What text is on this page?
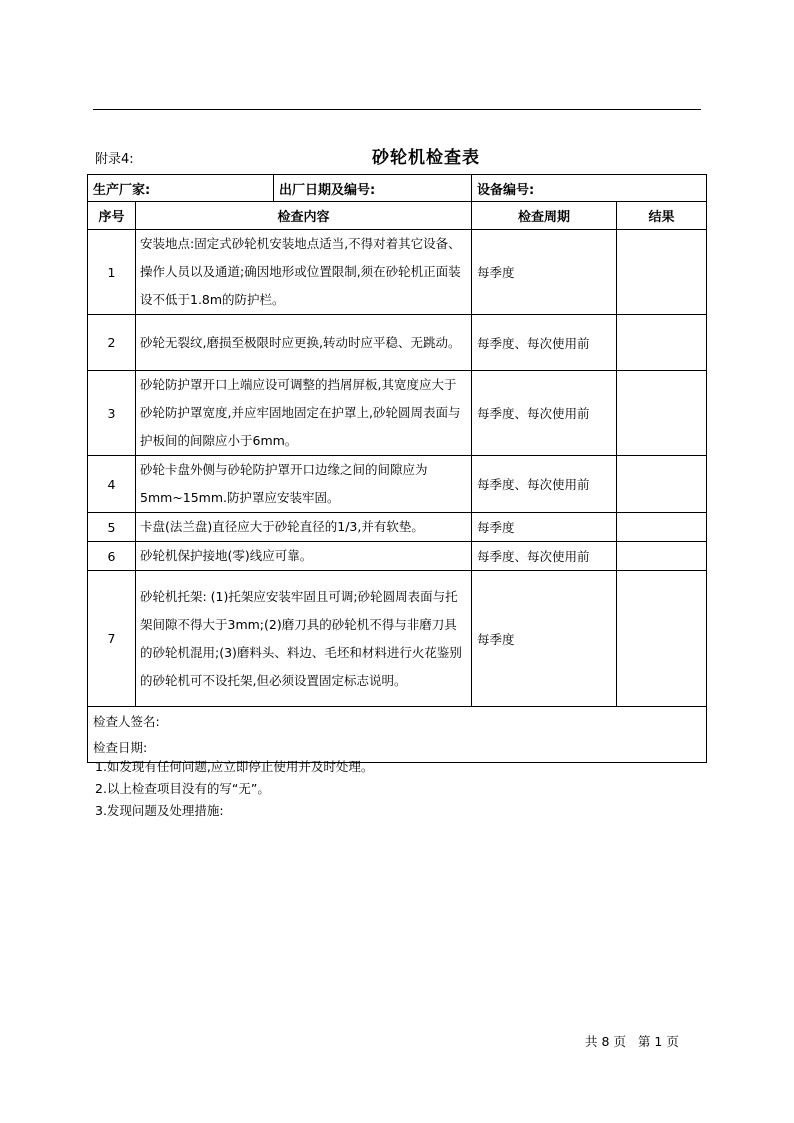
附录4:	砂轮机检查表
生产厂家:		出厂日期及编号:	设备编号:	
序号	检查内容		检查周期	结果
1	安装地点:固定式砂轮机安装地点适当,不得对着其它设备、操作人员以及通道;确因地形或位置限制,须在砂轮机正面装设不低于1.8m的防护栏。		每季度	
2	砂轮无裂纹,磨损至极限时应更换,转动时应平稳、无跳动。		每季度、每次使用前	
3	砂轮防护罩开口上端应设可调整的挡屑屏板,其宽度应大于砂轮防护罩宽度,并应牢固地固定在护罩上,砂轮圆周表面与护板间的间隙应小于6mm。		每季度、每次使用前	
4	砂轮卡盘外侧与砂轮防护罩开口边缘之间的间隙应为5mm~15mm.防护罩应安装牢固。		每季度、每次使用前	
5	卡盘(法兰盘)直径应大于砂轮直径的1/3,并有软垫。		每季度	
6	砂轮机保护接地(零)线应可靠。		每季度、每次使用前	
7	砂轮机托架: (1)托架应安装牢固且可调;砂轮圆周表面与托架间隙不得大于3mm;(2)磨刀具的砂轮机不得与非磨刀具的砂轮机混用;(3)磨料头、料边、毛坯和材料进行火花鉴别的砂轮机可不设托架,但必须设置固定标志说明。		每季度	

检查人签名:
检查日期:				
1.如发现有任何问题,应立即停止使用并及时处理。
2.以上检查项目没有的写“无”。
3.发现问题及处理措施:
共 8 页 第 1 页
